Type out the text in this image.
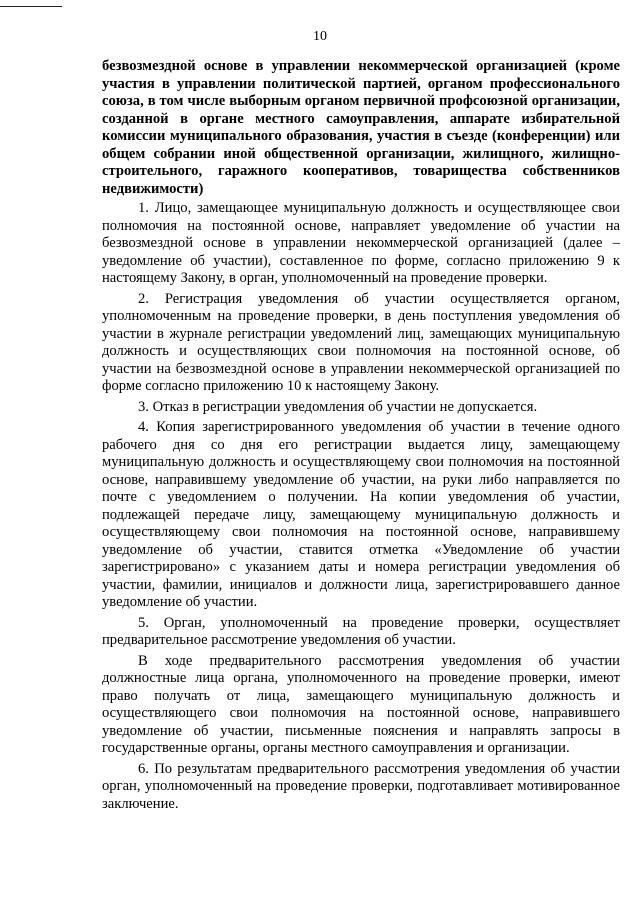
10
безвозмездной основе в управлении некоммерческой организацией (кроме участия в управлении политической партией, органом профессионального союза, в том числе выборным органом первичной профсоюзной организации, созданной в органе местного самоуправления, аппарате избирательной комиссии муниципального образования, участия в съезде (конференции) или общем собрании иной общественной организации, жилищного, жилищно-строительного, гаражного кооперативов, товарищества собственников недвижимости)

1. Лицо, замещающее муниципальную должность и осуществляющее свои полномочия на постоянной основе, направляет уведомление об участии на безвозмездной основе в управлении некоммерческой организацией (далее – уведомление об участии), составленное по форме, согласно приложению 9 к настоящему Закону, в орган, уполномоченный на проведение проверки.

2. Регистрация уведомления об участии осуществляется органом, уполномоченным на проведение проверки, в день поступления уведомления об участии в журнале регистрации уведомлений лиц, замещающих муниципальную должность и осуществляющих свои полномочия на постоянной основе, об участии на безвозмездной основе в управлении некоммерческой организацией по форме согласно приложению 10 к настоящему Закону.

3. Отказ в регистрации уведомления об участии не допускается.

4. Копия зарегистрированного уведомления об участии в течение одного рабочего дня со дня его регистрации выдается лицу, замещающему муниципальную должность и осуществляющему свои полномочия на постоянной основе, направившему уведомление об участии, на руки либо направляется по почте с уведомлением о получении. На копии уведомления об участии, подлежащей передаче лицу, замещающему муниципальную должность и осуществляющему свои полномочия на постоянной основе, направившему уведомление об участии, ставится отметка «Уведомление об участии зарегистрировано» с указанием даты и номера регистрации уведомления об участии, фамилии, инициалов и должности лица, зарегистрировавшего данное уведомление об участии.

5. Орган, уполномоченный на проведение проверки, осуществляет предварительное рассмотрение уведомления об участии.

В ходе предварительного рассмотрения уведомления об участии должностные лица органа, уполномоченного на проведение проверки, имеют право получать от лица, замещающего муниципальную должность и осуществляющего свои полномочия на постоянной основе, направившего уведомление об участии, письменные пояснения и направлять запросы в государственные органы, органы местного самоуправления и организации.

6. По результатам предварительного рассмотрения уведомления об участии орган, уполномоченный на проведение проверки, подготавливает мотивированное заключение.
